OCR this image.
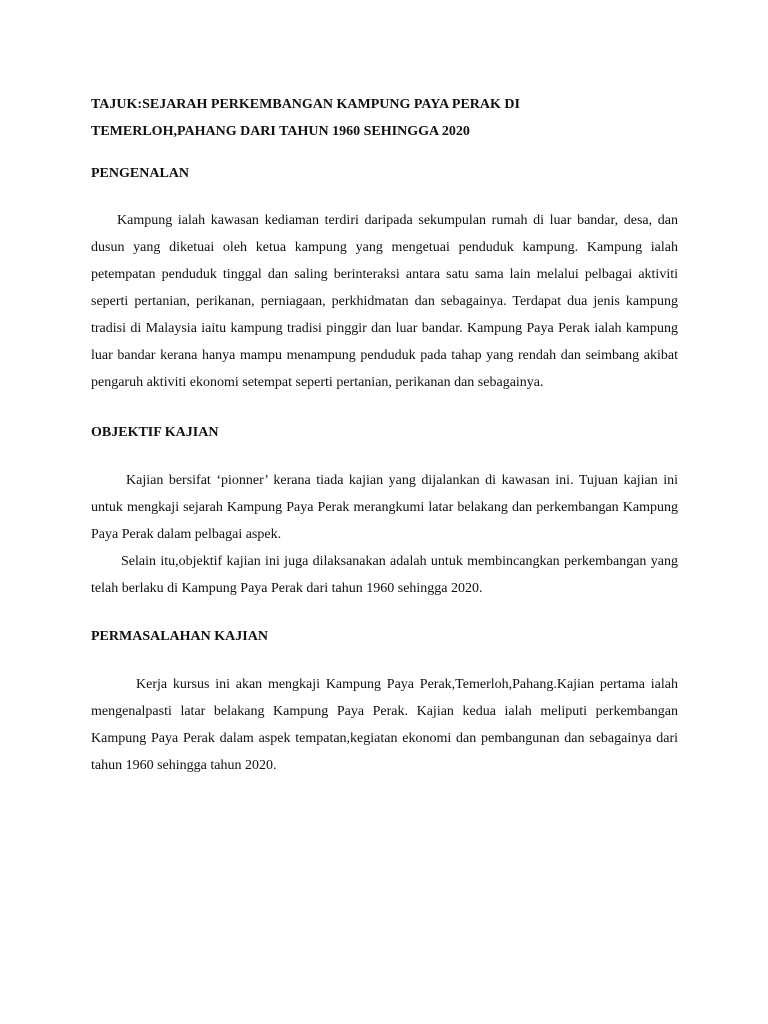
TAJUK:SEJARAH PERKEMBANGAN KAMPUNG PAYA PERAK DI
TEMERLOH,PAHANG DARI TAHUN 1960 SEHINGGA 2020
PENGENALAN

Kampung ialah kawasan kediaman terdiri daripada sekumpulan rumah di luar bandar, desa, dan dusun yang diketuai oleh ketua kampung yang mengetuai penduduk kampung. Kampung ialah petempatan penduduk tinggal dan saling berinteraksi antara satu sama lain melalui pelbagai aktiviti seperti pertanian, perikanan, perniagaan, perkhidmatan dan sebagainya. Terdapat dua jenis kampung tradisi di Malaysia iaitu kampung tradisi pinggir dan luar bandar. Kampung Paya Perak ialah kampung luar bandar kerana hanya mampu menampung penduduk pada tahap yang rendah dan seimbang akibat pengaruh aktiviti ekonomi setempat seperti pertanian, perikanan dan sebagainya.

OBJEKTIF KAJIAN

Kajian bersifat ‘pionner’ kerana tiada kajian yang dijalankan di kawasan ini. Tujuan kajian ini untuk mengkaji sejarah Kampung Paya Perak merangkumi latar belakang dan perkembangan Kampung Paya Perak dalam pelbagai aspek.

Selain itu,objektif kajian ini juga dilaksanakan adalah untuk membincangkan perkembangan yang telah berlaku di Kampung Paya Perak dari tahun 1960 sehingga 2020.

PERMASALAHAN KAJIAN

Kerja kursus ini akan mengkaji Kampung Paya Perak,Temerloh,Pahang.Kajian pertama ialah mengenalpasti latar belakang Kampung Paya Perak. Kajian kedua ialah meliputi perkembangan Kampung Paya Perak dalam aspek tempatan,kegiatan ekonomi dan pembangunan dan sebagainya dari tahun 1960 sehingga tahun 2020.
